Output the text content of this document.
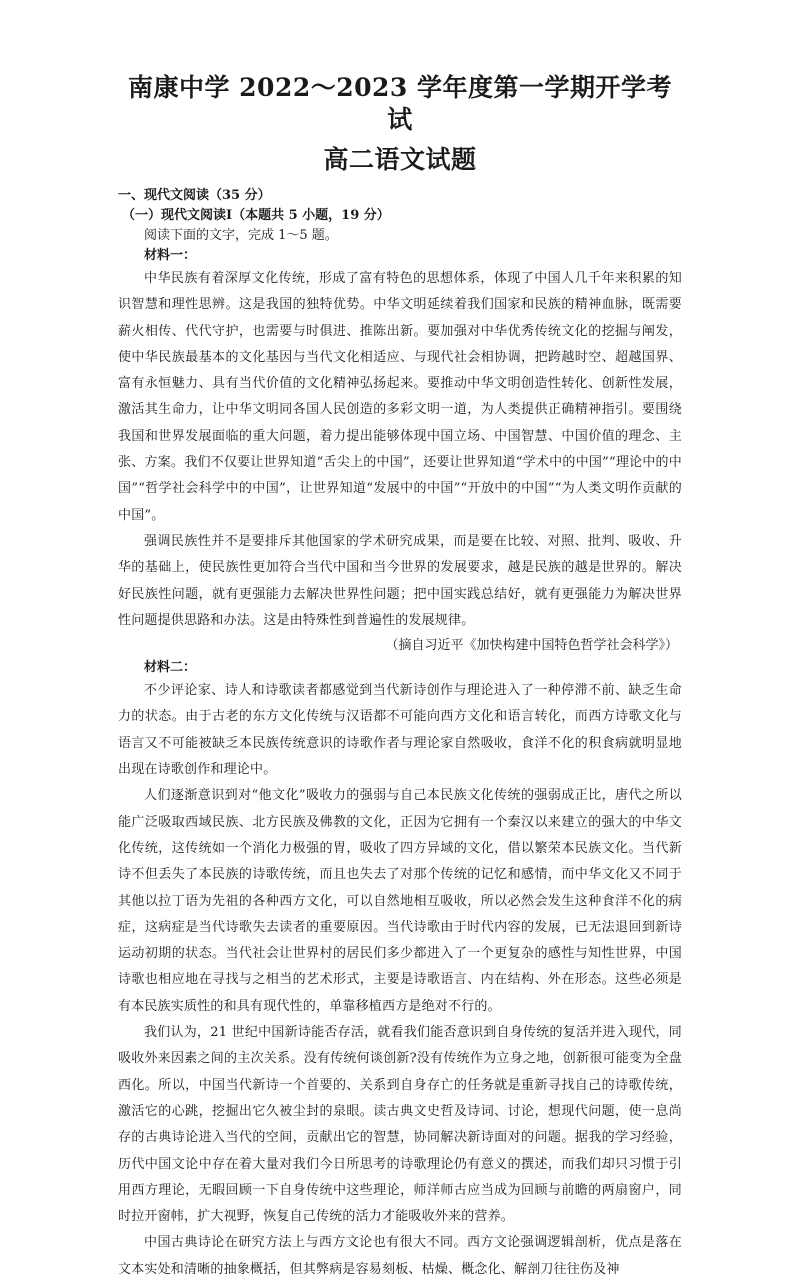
南康中学 2022～2023 学年度第一学期开学考试
高二语文试题
一、现代文阅读（35 分）
（一）现代文阅读Ⅰ（本题共 5 小题，19 分）
阅读下面的文字，完成 1～5 题。
材料一：

中华民族有着深厚文化传统，形成了富有特色的思想体系，体现了中国人几千年来积累的知识智慧和理性思辨。这是我国的独特优势。中华文明延续着我们国家和民族的精神血脉，既需要薪火相传、代代守护，也需要与时俱进、推陈出新。要加强对中华优秀传统文化的挖掘与阐发，使中华民族最基本的文化基因与当代文化相适应、与现代社会相协调，把跨越时空、超越国界、富有永恒魅力、具有当代价值的文化精神弘扬起来。要推动中华文明创造性转化、创新性发展，激活其生命力，让中华文明同各国人民创造的多彩文明一道，为人类提供正确精神指引。要围绕我国和世界发展面临的重大问题，着力提出能够体现中国立场、中国智慧、中国价值的理念、主张、方案。我们不仅要让世界知道“舌尖上的中国”，还要让世界知道“学术中的中国”“理论中的中国”“哲学社会科学中的中国”，让世界知道“发展中的中国”“开放中的中国”“为人类文明作贡献的中国”。

强调民族性并不是要排斥其他国家的学术研究成果，而是要在比较、对照、批判、吸收、升华的基础上，使民族性更加符合当代中国和当今世界的发展要求，越是民族的越是世界的。解决好民族性问题，就有更强能力去解决世界性问题；把中国实践总结好，就有更强能力为解决世界性问题提供思路和办法。这是由特殊性到普遍性的发展规律。

（摘自习近平《加快构建中国特色哲学社会科学》）
材料二：

不少评论家、诗人和诗歌读者都感觉到当代新诗创作与理论进入了一种停滞不前、缺乏生命力的状态。由于古老的东方文化传统与汉语都不可能向西方文化和语言转化，而西方诗歌文化与语言又不可能被缺乏本民族传统意识的诗歌作者与理论家自然吸收，食洋不化的积食病就明显地出现在诗歌创作和理论中。

人们逐渐意识到对“他文化”吸收力的强弱与自己本民族文化传统的强弱成正比，唐代之所以能广泛吸取西域民族、北方民族及佛教的文化，正因为它拥有一个秦汉以来建立的强大的中华文化传统，这传统如一个消化力极强的胃，吸收了四方异域的文化，借以繁荣本民族文化。当代新诗不但丢失了本民族的诗歌传统，而且也失去了对那个传统的记忆和感情，而中华文化又不同于其他以拉丁语为先祖的各种西方文化，可以自然地相互吸收，所以必然会发生这种食洋不化的病症，这病症是当代诗歌失去读者的重要原因。当代诗歌由于时代内容的发展，已无法退回到新诗运动初期的状态。当代社会让世界村的居民们多少都进入了一个更复杂的感性与知性世界，中国诗歌也相应地在寻找与之相当的艺术形式，主要是诗歌语言、内在结构、外在形态。这些必须是有本民族实质性的和具有现代性的，单靠移植西方是绝对不行的。

我们认为，21 世纪中国新诗能否存活，就看我们能否意识到自身传统的复活并进入现代，同吸收外来因素之间的主次关系。没有传统何谈创新?没有传统作为立身之地，创新很可能变为全盘西化。所以，中国当代新诗一个首要的、关系到自身存亡的任务就是重新寻找自己的诗歌传统，激活它的心跳，挖掘出它久被尘封的泉眼。读古典文史哲及诗词、讨论，想现代问题，使一息尚存的古典诗论进入当代的空间，贡献出它的智慧，协同解决新诗面对的问题。据我的学习经验，历代中国文论中存在着大量对我们今日所思考的诗歌理论仍有意义的撰述，而我们却只习惯于引用西方理论，无暇回顾一下自身传统中这些理论，师洋师古应当成为回顾与前瞻的两扇窗户，同时拉开窗帏，扩大视野，恢复自己传统的活力才能吸收外来的营养。

中国古典诗论在研究方法上与西方文论也有很大不同。西方文论强调逻辑剖析，优点是落在文本实处和清晰的抽象概括，但其弊病是容易刻板、枯燥、概念化、解剖刀往往伤及神
